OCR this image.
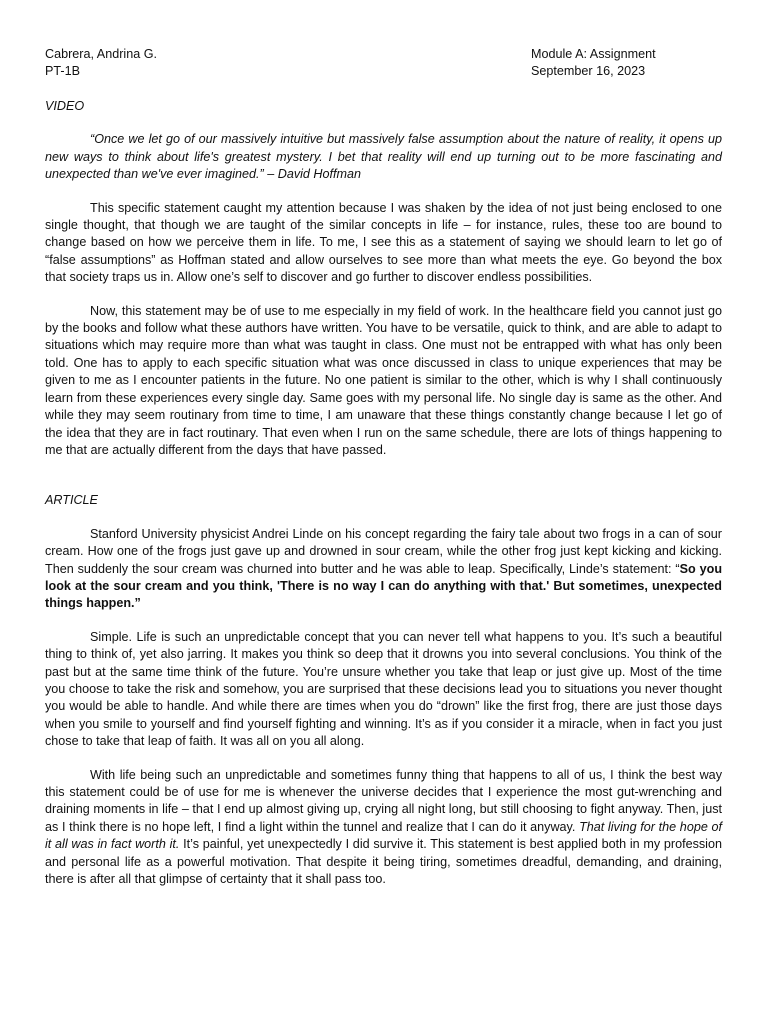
Cabrera, Andrina G.
PT-1B
Module A: Assignment
September 16, 2023
VIDEO

“Once we let go of our massively intuitive but massively false assumption about the nature of reality, it opens up new ways to think about life's greatest mystery. I bet that reality will end up turning out to be more fascinating and unexpected than we've ever imagined.” – David Hoffman

This specific statement caught my attention because I was shaken by the idea of not just being enclosed to one single thought, that though we are taught of the similar concepts in life – for instance, rules, these too are bound to change based on how we perceive them in life. To me, I see this as a statement of saying we should learn to let go of “false assumptions” as Hoffman stated and allow ourselves to see more than what meets the eye. Go beyond the box that society traps us in. Allow one’s self to discover and go further to discover endless possibilities.

Now, this statement may be of use to me especially in my field of work. In the healthcare field you cannot just go by the books and follow what these authors have written. You have to be versatile, quick to think, and are able to adapt to situations which may require more than what was taught in class. One must not be entrapped with what has only been told. One has to apply to each specific situation what was once discussed in class to unique experiences that may be given to me as I encounter patients in the future. No one patient is similar to the other, which is why I shall continuously learn from these experiences every single day. Same goes with my personal life. No single day is same as the other. And while they may seem routinary from time to time, I am unaware that these things constantly change because I let go of the idea that they are in fact routinary. That even when I run on the same schedule, there are lots of things happening to me that are actually different from the days that have passed.

ARTICLE

Stanford University physicist Andrei Linde on his concept regarding the fairy tale about two frogs in a can of sour cream. How one of the frogs just gave up and drowned in sour cream, while the other frog just kept kicking and kicking. Then suddenly the sour cream was churned into butter and he was able to leap. Specifically, Linde’s statement: “So you look at the sour cream and you think, 'There is no way I can do anything with that.' But sometimes, unexpected things happen.”

Simple. Life is such an unpredictable concept that you can never tell what happens to you. It’s such a beautiful thing to think of, yet also jarring. It makes you think so deep that it drowns you into several conclusions. You think of the past but at the same time think of the future. You’re unsure whether you take that leap or just give up. Most of the time you choose to take the risk and somehow, you are surprised that these decisions lead you to situations you never thought you would be able to handle. And while there are times when you do “drown” like the first frog, there are just those days when you smile to yourself and find yourself fighting and winning. It’s as if you consider it a miracle, when in fact you just chose to take that leap of faith. It was all on you all along.

With life being such an unpredictable and sometimes funny thing that happens to all of us, I think the best way this statement could be of use for me is whenever the universe decides that I experience the most gut-wrenching and draining moments in life – that I end up almost giving up, crying all night long, but still choosing to fight anyway. Then, just as I think there is no hope left, I find a light within the tunnel and realize that I can do it anyway. That living for the hope of it all was in fact worth it. It’s painful, yet unexpectedly I did survive it. This statement is best applied both in my profession and personal life as a powerful motivation. That despite it being tiring, sometimes dreadful, demanding, and draining, there is after all that glimpse of certainty that it shall pass too.
